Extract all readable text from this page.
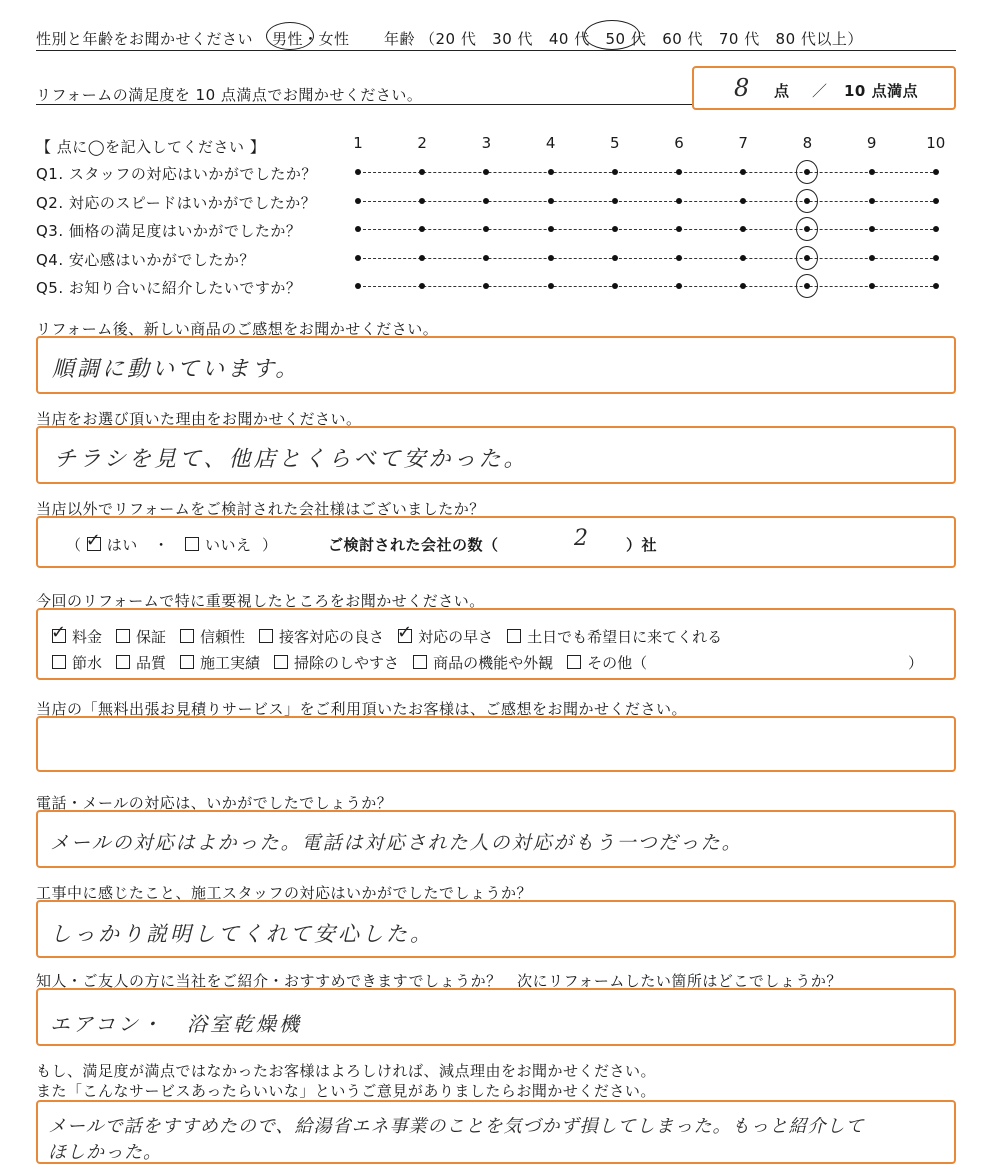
性別と年齢をお聞かせください 男性・女性 年齢 （20 代 30 代 40 代 50 代 60 代 70 代 80 代以上）
リフォームの満足度を 10 点満点でお聞かせください。	8 点 ／ 10 点満点
【 点に◯を記入してください 】	1	2	3	4	5	6	7	8	9	10
Q1. スタッフの対応はいかがでしたか？
Q2. 対応のスピードはいかがでしたか？
Q3. 価格の満足度はいかがでしたか？
Q4. 安心感はいかがでしたか？
Q5. お知り合いに紹介したいですか？
リフォーム後、新しい商品のご感想をお聞かせください。
順調に動いています。
当店をお選び頂いた理由をお聞かせください。
チラシを見て、他店とくらべて安かった。
当店以外でリフォームをご検討された会社様はございましたか？
（ ✓ はい ・ いいえ ）	ご検討された会社の数（	2 ）社
今回のリフォームで特に重要視したところをお聞かせください。
✓料金 保証 信頼性 接客対応の良さ ✓ 対応の早さ 土日でも希望日に来てくれる
節水 品質 施工実績 掃除のしやすさ 商品の機能や外観 その他（	）
当店の「無料出張お見積りサービス」をご利用頂いたお客様は、ご感想をお聞かせください。
電話・メールの対応は、いかがでしたでしょうか？
メールの対応はよかった。電話は対応された人の対応がもう一つだった。
工事中に感じたこと、施工スタッフの対応はいかがでしたでしょうか？
しっかり説明してくれて安心した。
知人・ご友人の方に当社をご紹介・おすすめできますでしょうか？　次にリフォームしたい箇所はどこでしょうか？
エアコン・　浴室乾燥機
もし、満足度が満点ではなかったお客様はよろしければ、減点理由をお聞かせください。
また「こんなサービスあったらいいな」というご意見がありましたらお聞かせください。
メールで話をすすめたので、給湯省エネ事業のことを気づかず損してしまった。もっと紹介して
ほしかった。
